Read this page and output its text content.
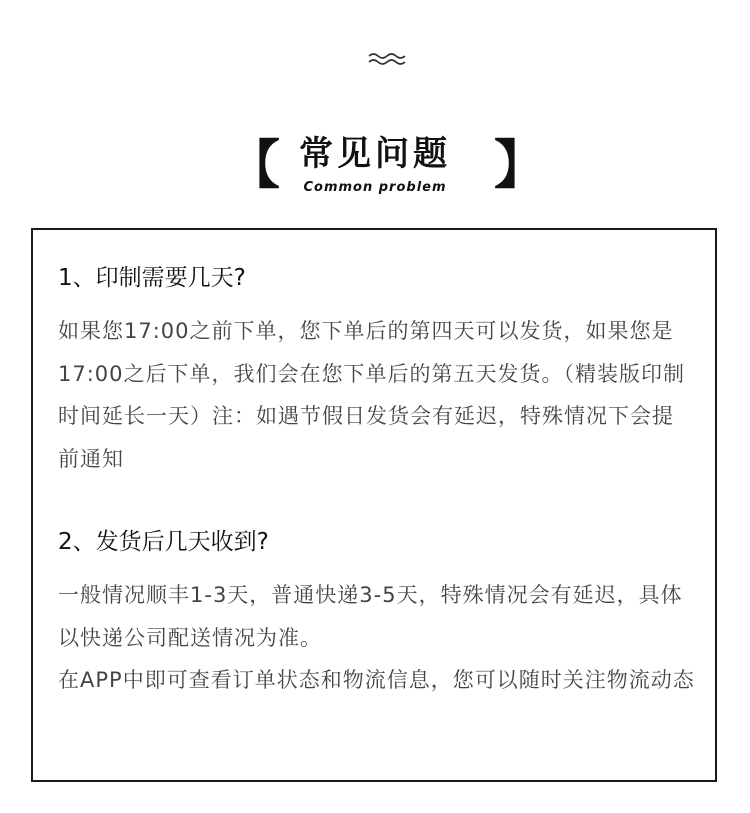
【 常见问题
Common problem 】
1、印制需要几天?

如果您17:00之前下单，您下单后的第四天可以发货，如果您是17:00之后下单，我们会在您下单后的第五天发货。（精装版印制时间延长一天）注：如遇节假日发货会有延迟，特殊情况下会提前通知

2、发货后几天收到?

一般情况顺丰1-3天，普通快递3-5天，特殊情况会有延迟，具体以快递公司配送情况为准。

在APP中即可查看订单状态和物流信息，您可以随时关注物流动态
